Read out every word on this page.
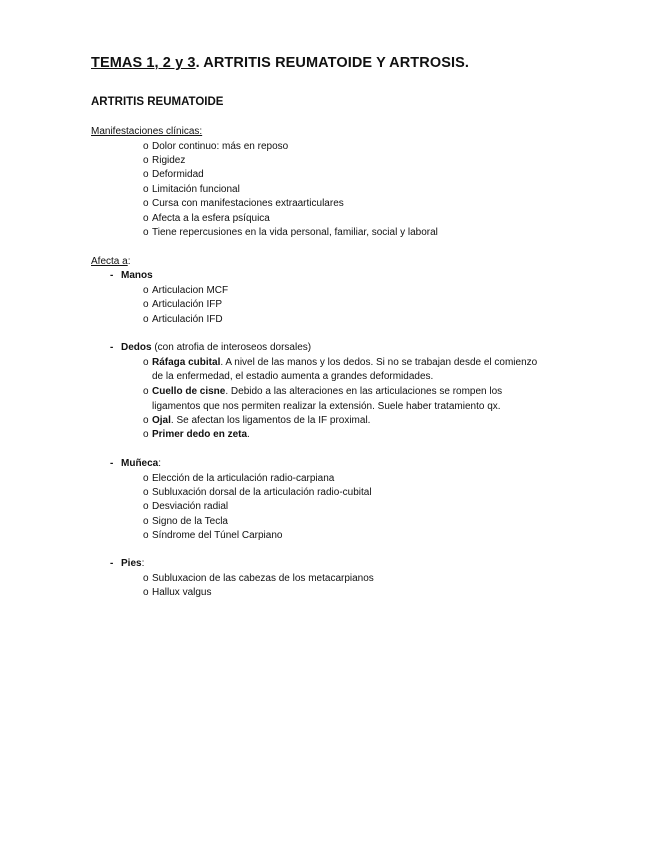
TEMAS 1, 2 y 3. ARTRITIS REUMATOIDE Y ARTROSIS.
ARTRITIS REUMATOIDE
Manifestaciones clínicas:
o Dolor continuo: más en reposo
o Rigidez
o Deformidad
o Limitación funcional
o Cursa con manifestaciones extraarticulares
o Afecta a la esfera psíquica
o Tiene repercusiones en la vida personal, familiar, social y laboral
Afecta a:
- Manos
o Articulacion MCF
o Articulación IFP
o Articulación IFD
- Dedos (con atrofia de interoseos dorsales)
o Ráfaga cubital. A nivel de las manos y los dedos. Si no se trabajan desde el comienzo
de la enfermedad, el estadio aumenta a grandes deformidades.
o Cuello de cisne. Debido a las alteraciones en las articulaciones se rompen los
ligamentos que nos permiten realizar la extensión. Suele haber tratamiento qx.
o Ojal. Se afectan los ligamentos de la IF proximal.
o Primer dedo en zeta.
- Muñeca:
o Elección de la articulación radio-carpiana
o Subluxación dorsal de la articulación radio-cubital
o Desviación radial
o Signo de la Tecla
o Síndrome del Túnel Carpiano
- Pies:
o Subluxacion de las cabezas de los metacarpianos
o Hallux valgus
